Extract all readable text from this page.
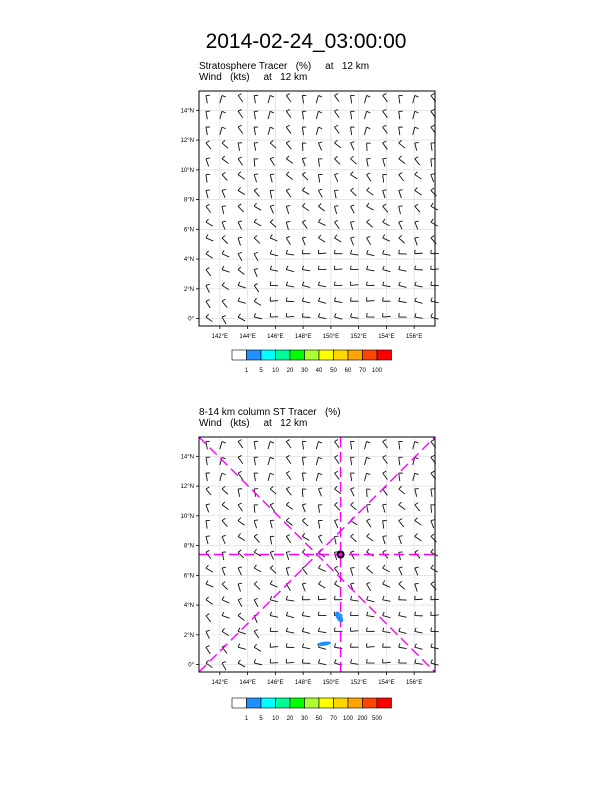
2014-02-24_03:00:00
Stratosphere Tracer   (%)     at   12 km
Wind   (kts)     at   12 km
8-14 km column ST Tracer   (%)
Wind   (kts)     at   12 km
142°E 144°E 146°E 148°E 150°E 152°E 154°E 156°E
0°
2°N
4°N
6°N
8°N
10°N
12°N
14°N
1 5 10 20 30 40 50 60 70 100
142°E 144°E 146°E 148°E 150°E 152°E 154°E 156°E
0°
2°N
4°N
6°N
8°N
10°N
12°N
14°N
1 5 10 20 30 50 70 100 200 500
